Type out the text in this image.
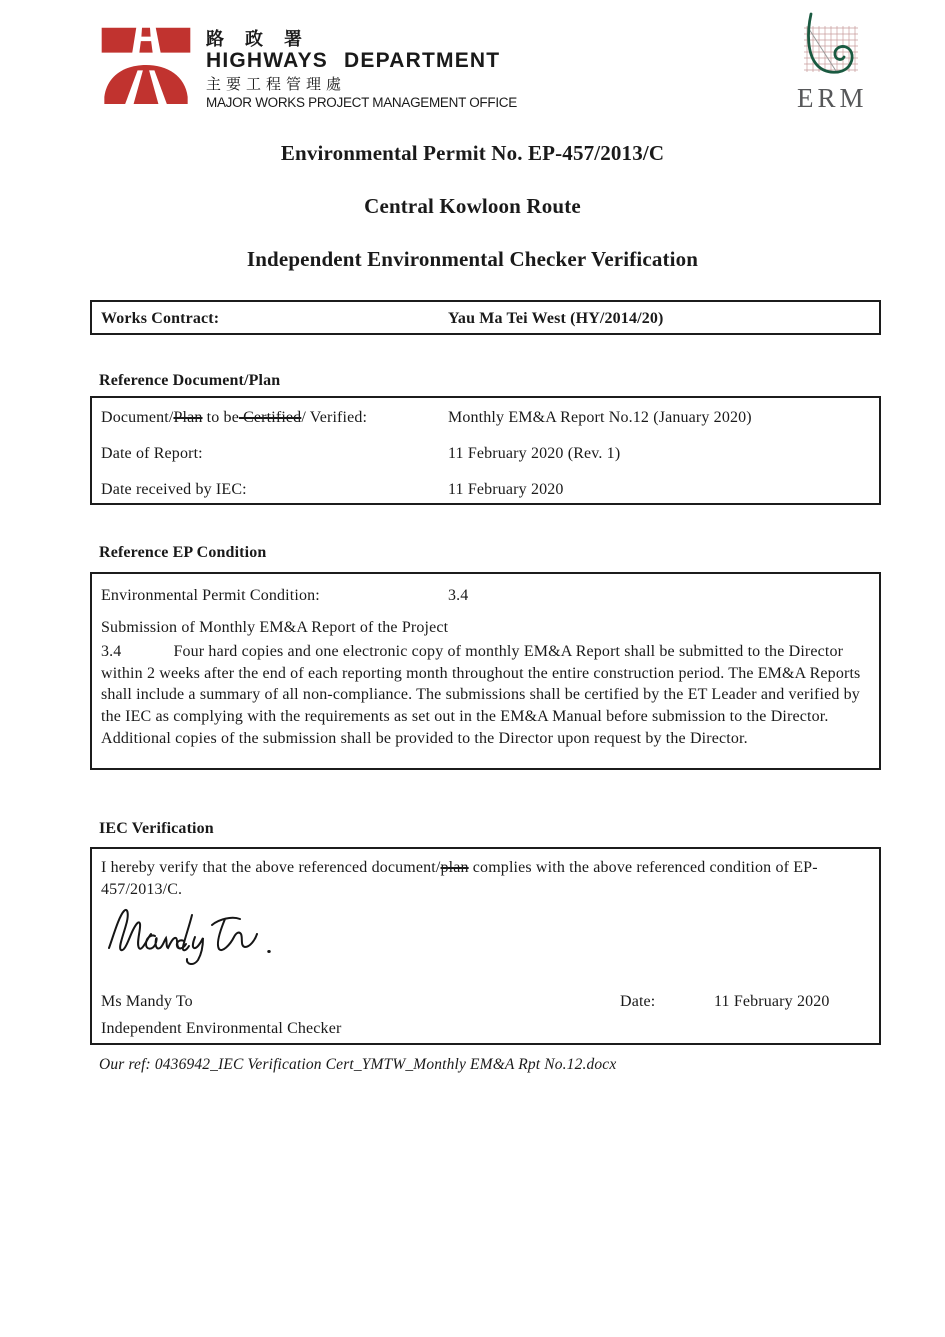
路 政 署
HIGHWAYS DEPARTMENT
主要工程管理處
MAJOR WORKS PROJECT MANAGEMENT OFFICE	ERM
Environmental Permit No. EP-457/2013/C
Central Kowloon Route
Independent Environmental Checker Verification
Works Contract:	Yau Ma Tei West (HY/2014/20)
Reference Document/Plan
Document/Plan to be Certified/ Verified:	Monthly EM&A Report No.12 (January 2020)
Date of Report:	11 February 2020 (Rev. 1)
Date received by IEC:	11 February 2020
Reference EP Condition
Environmental Permit Condition:	3.4
Submission of Monthly EM&A Report of the Project
3.4	Four hard copies and one electronic copy of monthly EM&A Report shall be submitted to the Director within 2 weeks after the end of each reporting month throughout the entire construction period. The EM&A Reports shall include a summary of all non-compliance. The submissions shall be certified by the ET Leader and verified by the IEC as complying with the requirements as set out in the EM&A Manual before submission to the Director. Additional copies of the submission shall be provided to the Director upon request by the Director.
IEC Verification
I hereby verify that the above referenced document/plan complies with the above referenced condition of EP-457/2013/C.
Ms Mandy To	Date:	11 February 2020
Independent Environmental Checker
Our ref: 0436942_IEC Verification Cert_YMTW_Monthly EM&A Rpt No.12.docx
